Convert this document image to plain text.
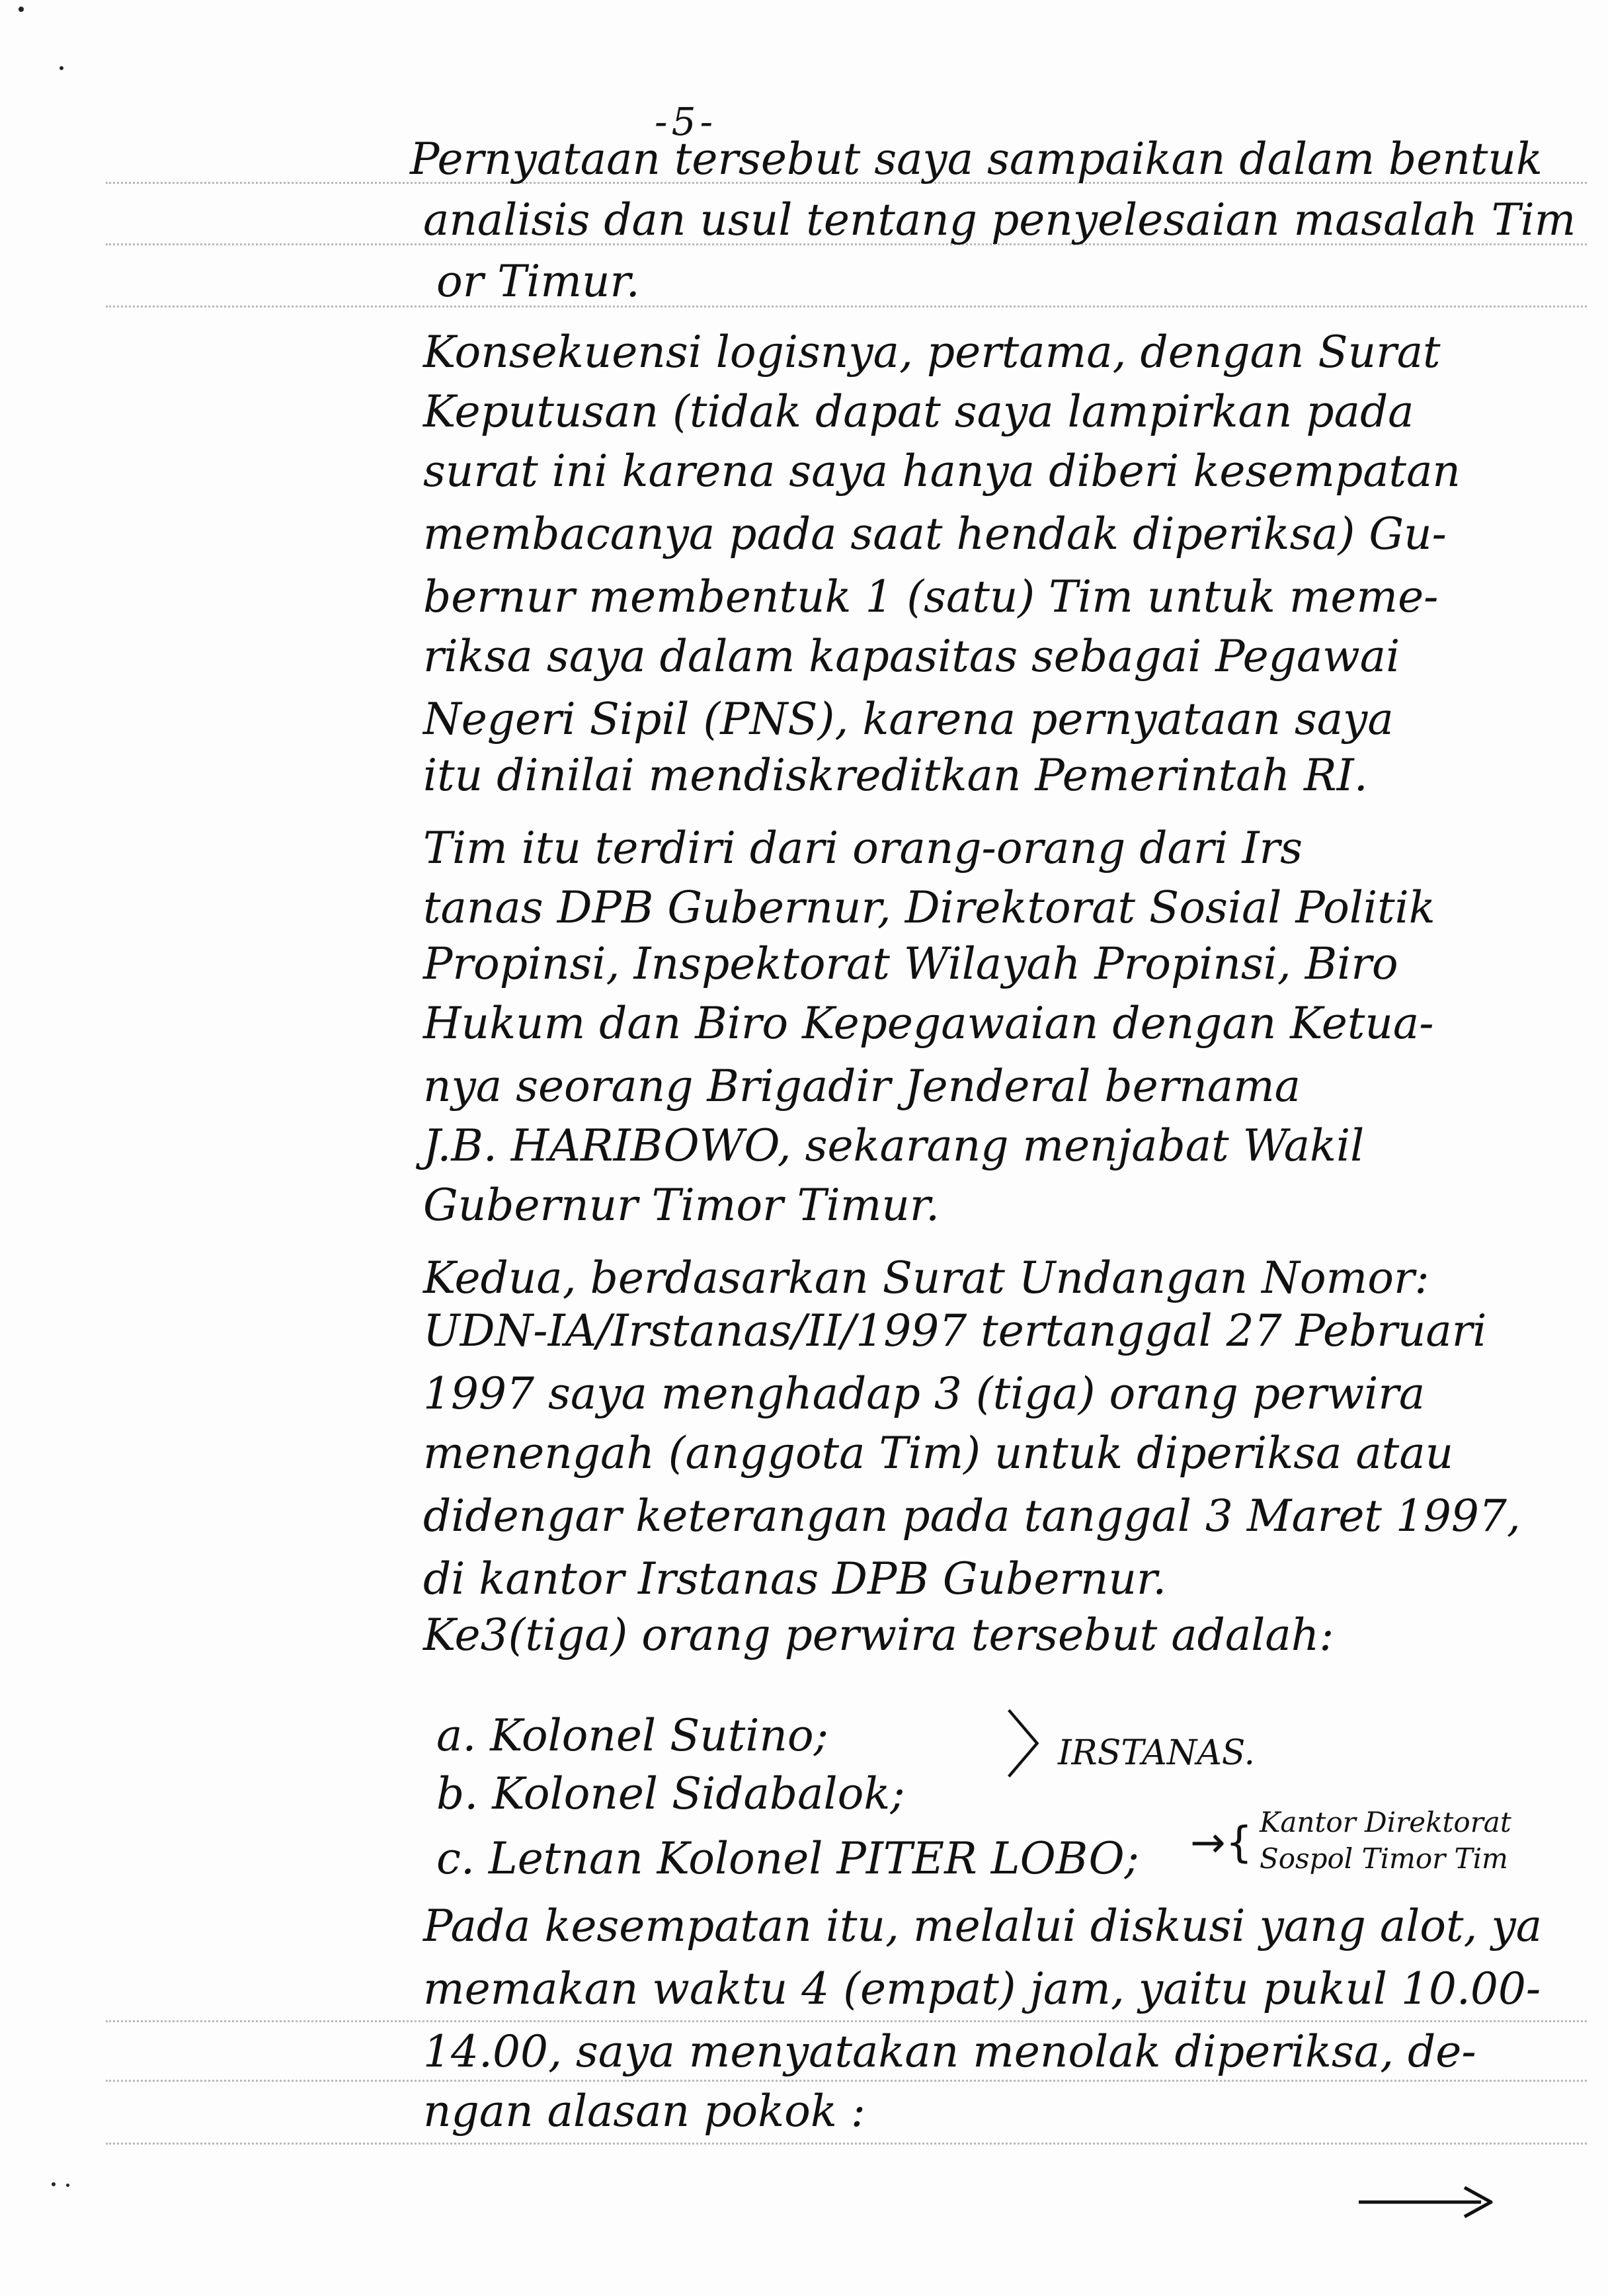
-5-
Pernyataan tersebut saya sampaikan dalam bentuk
analisis dan usul tentang penyelesaian masalah Tim
or Timur.
Konsekuensi logisnya, pertama, dengan Surat
Keputusan (tidak dapat saya lampirkan pada
surat ini karena saya hanya diberi kesempatan
membacanya pada saat hendak diperiksa) Gu-
bernur membentuk 1 (satu) Tim untuk meme-
riksa saya dalam kapasitas sebagai Pegawai
Negeri Sipil (PNS), karena pernyataan saya
itu dinilai mendiskreditkan Pemerintah RI.
Tim itu terdiri dari orang-orang dari Irs
tanas DPB Gubernur, Direktorat Sosial Politik
Propinsi, Inspektorat Wilayah Propinsi, Biro
Hukum dan Biro Kepegawaian dengan Ketua-
nya seorang Brigadir Jenderal bernama
J.B. HARIBOWO, sekarang menjabat Wakil
Gubernur Timor Timur.
Kedua, berdasarkan Surat Undangan Nomor:
UDN-IA/Irstanas/II/1997 tertanggal 27 Pebruari
1997 saya menghadap 3 (tiga) orang perwira
menengah (anggota Tim) untuk diperiksa atau
didengar keterangan pada tanggal 3 Maret 1997,
di kantor Irstanas DPB Gubernur.
Ke3(tiga) orang perwira tersebut adalah:
a. Kolonel Sutino;
b. Kolonel Sidabalok;
c. Letnan Kolonel PITER LOBO;
〉
IRSTANAS.
→{ Kantor Direktorat
Sospol Timor Tim
Pada kesempatan itu, melalui diskusi yang alot, ya
memakan waktu 4 (empat) jam, yaitu pukul 10.00-
14.00, saya menyatakan menolak diperiksa, de-
ngan alasan pokok :
